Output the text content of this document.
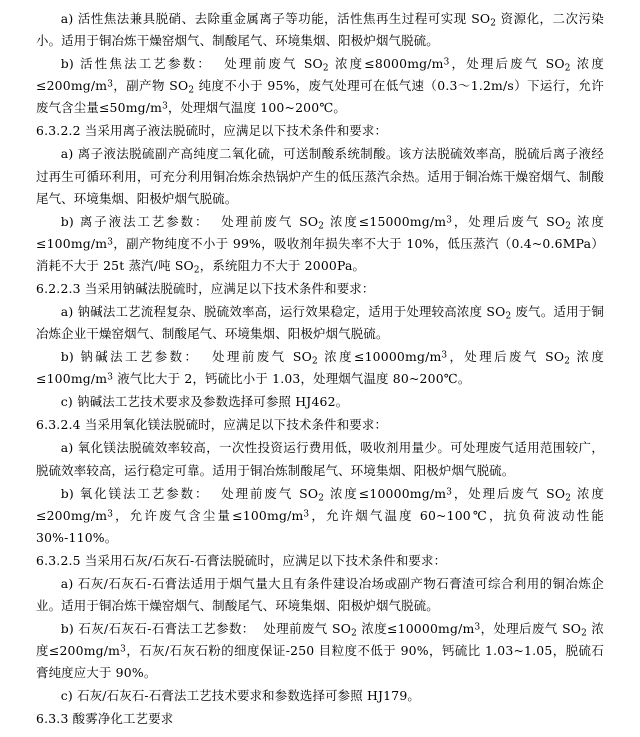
a) 活性焦法兼具脱硝、去除重金属离子等功能，活性焦再生过程可实现 $SO_2$ 资源化，二次污染小。适用于铜冶炼干燥窑烟气、制酸尾气、环境集烟、阳极炉烟气脱硫。

b) 活性焦法工艺参数：  处理前废气 $SO_2$ 浓度$\le 8000mg/m^3$，处理后废气 $SO_2$ 浓度$\le 200mg/m^3$，副产物 $SO_2$ 纯度不小于 95%，废气处理可在低气速（0.3～1.2m/s）下运行，允许废气含尘量$\le 50mg/m^3$，处理烟气温度 100~200℃。

6.3.2.2 当采用离子液法脱硫时，应满足以下技术条件和要求：

a) 离子液法脱硫副产高纯度二氧化硫，可送制酸系统制酸。该方法脱硫效率高，脱硫后离子液经过再生可循环利用，可充分利用铜冶炼余热锅炉产生的低压蒸汽余热。适用于铜冶炼干燥窑烟气、制酸尾气、环境集烟、阳极炉烟气脱硫。

b) 离子液法工艺参数：  处理前废气 $SO_2$ 浓度$\le 15000mg/m^3$，处理后废气 $SO_2$ 浓度$\le 100mg/m^3$，副产物纯度不小于 99%，吸收剂年损失率不大于 10%，低压蒸汽（0.4~0.6MPa）消耗不大于 25t 蒸汽/吨 $SO_2$，系统阻力不大于 2000Pa。

6.2.2.3 当采用钠碱法脱硫时，应满足以下技术条件和要求：

a) 钠碱法工艺流程复杂、脱硫效率高，运行效果稳定，适用于处理较高浓度 $SO_2$ 废气。适用于铜冶炼企业干燥窑烟气、制酸尾气、环境集烟、阳极炉烟气脱硫。

b) 钠碱法工艺参数：  处理前废气 $SO_2$ 浓度$\le 10000mg/m^3$，处理后废气 $SO_2$ 浓度$\le 100mg/m^3$ 液气比大于 2，钙硫比小于 1.03，处理烟气温度 80~200℃。

c) 钠碱法工艺技术要求及参数选择可参照 HJ462。

6.3.2.4 当采用氧化镁法脱硫时，应满足以下技术条件和要求：

a) 氧化镁法脱硫效率较高，一次性投资运行费用低，吸收剂用量少。可处理废气适用范围较广，脱硫效率较高，运行稳定可靠。适用于铜冶炼制酸尾气、环境集烟、阳极炉烟气脱硫。

b) 氧化镁法工艺参数：  处理前废气 $SO_2$ 浓度$\le 10000mg/m^3$，处理后废气 $SO_2$ 浓度$\le 200mg/m^3$，允许废气含尘量$\le 100mg/m^3$，允许烟气温度 60~100℃，抗负荷波动性能 30%-110%。

6.3.2.5 当采用石灰/石灰石-石膏法脱硫时，应满足以下技术条件和要求：

a) 石灰/石灰石-石膏法适用于烟气量大且有条件建设冶场或副产物石膏渣可综合利用的铜冶炼企业。适用于铜冶炼干燥窑烟气、制酸尾气、环境集烟、阳极炉烟气脱硫。

b) 石灰/石灰石-石膏法工艺参数：  处理前废气 $SO_2$ 浓度$\le 10000mg/m^3$，处理后废气 $SO_2$ 浓度$\le 200mg/m^3$，石灰/石灰石粉的细度保证-250 目粒度不低于 90%，钙硫比 1.03~1.05，脱硫石膏纯度应大于 90%。

c) 石灰/石灰石-石膏法工艺技术要求和参数选择可参照 HJ179。

6.3.3 酸雾净化工艺要求
